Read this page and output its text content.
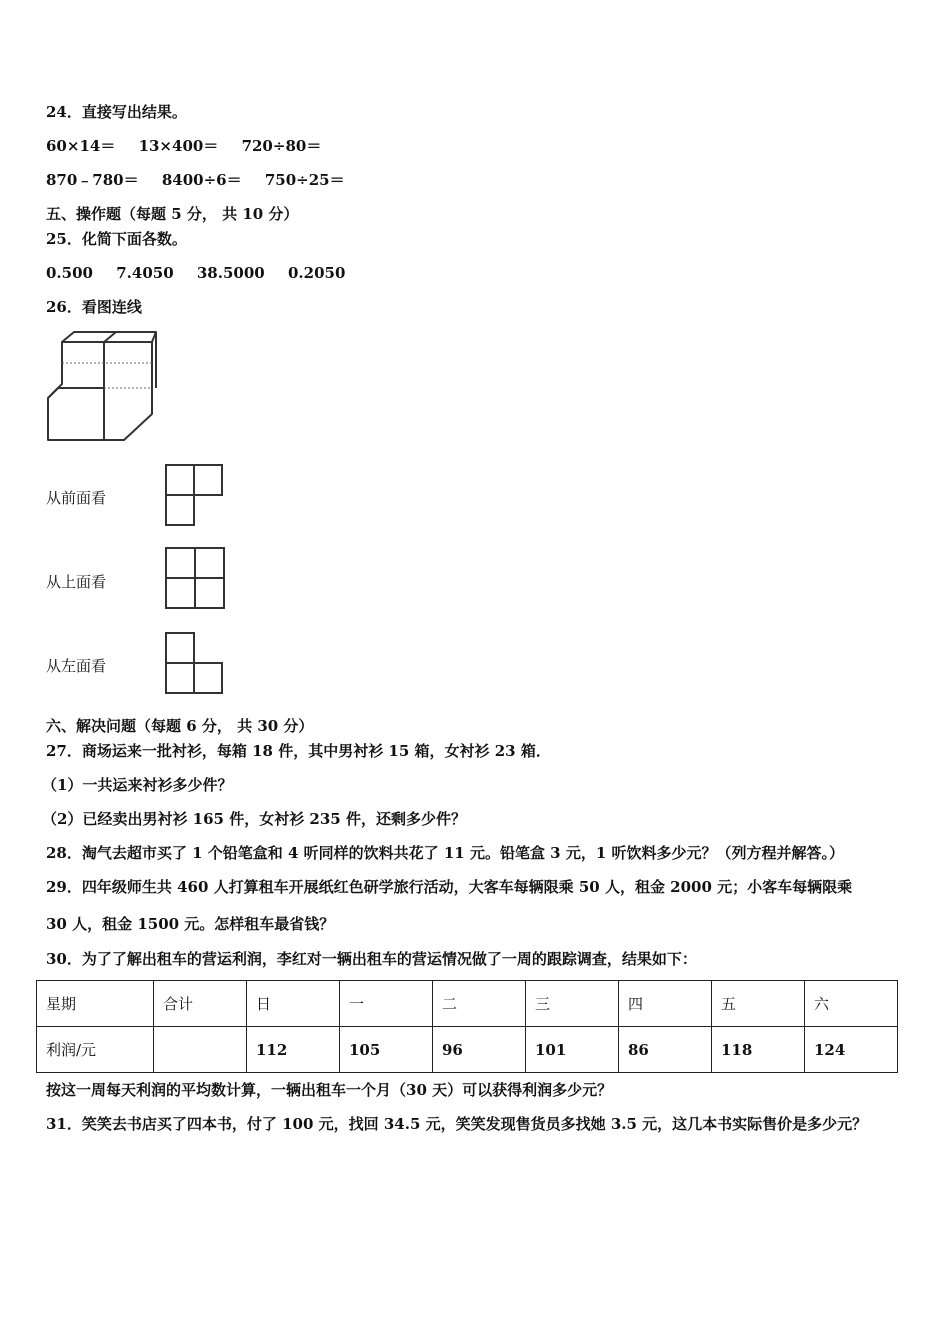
24．直接写出结果。
60×14＝ 13×400＝ 720÷80＝
870﹣780＝ 8400÷6＝ 750÷25＝
五、操作题（每题 5 分， 共 10 分）
25．化简下面各数。
0.500 7.4050 38.5000 0.2050
26．看图连线
从前面看
从上面看
从左面看
六、解决问题（每题 6 分， 共 30 分）
27．商场运来一批衬衫，每箱 18 件，其中男衬衫 15 箱，女衬衫 23 箱．
（1）一共运来衬衫多少件？
（2）已经卖出男衬衫 165 件，女衬衫 235 件，还剩多少件？
28．淘气去超市买了 1 个铅笔盒和 4 听同样的饮料共花了 11 元。铅笔盒 3 元，1 听饮料多少元？（列方程并解答。）
29．四年级师生共 460 人打算租车开展纸红色研学旅行活动，大客车每辆限乘 50 人，租金 2000 元；小客车每辆限乘
30 人，租金 1500 元。怎样租车最省钱？
30．为了了解出租车的营运利润，李红对一辆出租车的营运情况做了一周的跟踪调查，结果如下：
星期	合计	日	一	二	三	四	五	六
利润/元		112	105	96	101	86	118	124
按这一周每天利润的平均数计算，一辆出租车一个月（30 天）可以获得利润多少元？
31．笑笑去书店买了四本书，付了 100 元，找回 34.5 元，笑笑发现售货员多找她 3.5 元，这几本书实际售价是多少元？
